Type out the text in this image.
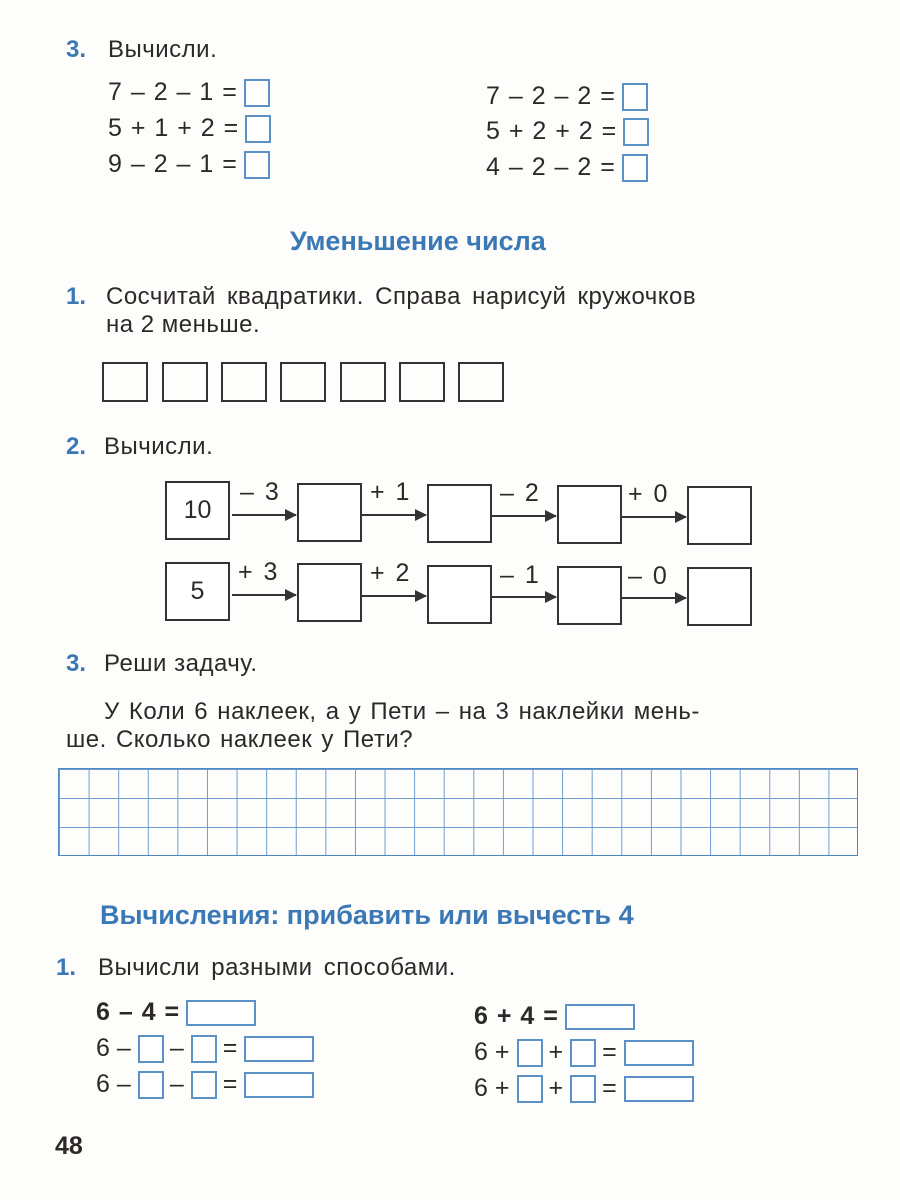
3. Вычисли.
7 – 2 – 1 =
5 + 1 + 2 =
9 – 2 – 1 =
7 – 2 – 2 =
5 + 2 + 2 =
4 – 2 – 2 =
Уменьшение числа
1. Сосчитай квадратики. Справа нарисуй кружочков
на 2 меньше.
2. Вычисли.
10
– 3	+ 1	– 2	+ 0
5
+ 3	+ 2	– 1	– 0
3. Реши задачу.
У Коли 6 наклеек, а у Пети – на 3 наклейки мень-
ше. Сколько наклеек у Пети?
Вычисления: прибавить или вычесть 4
1. Вычисли разными способами.
6 – 4 =
6 – – =
6 – – =
6 + 4 =
6 + + =
6 + + =
48
